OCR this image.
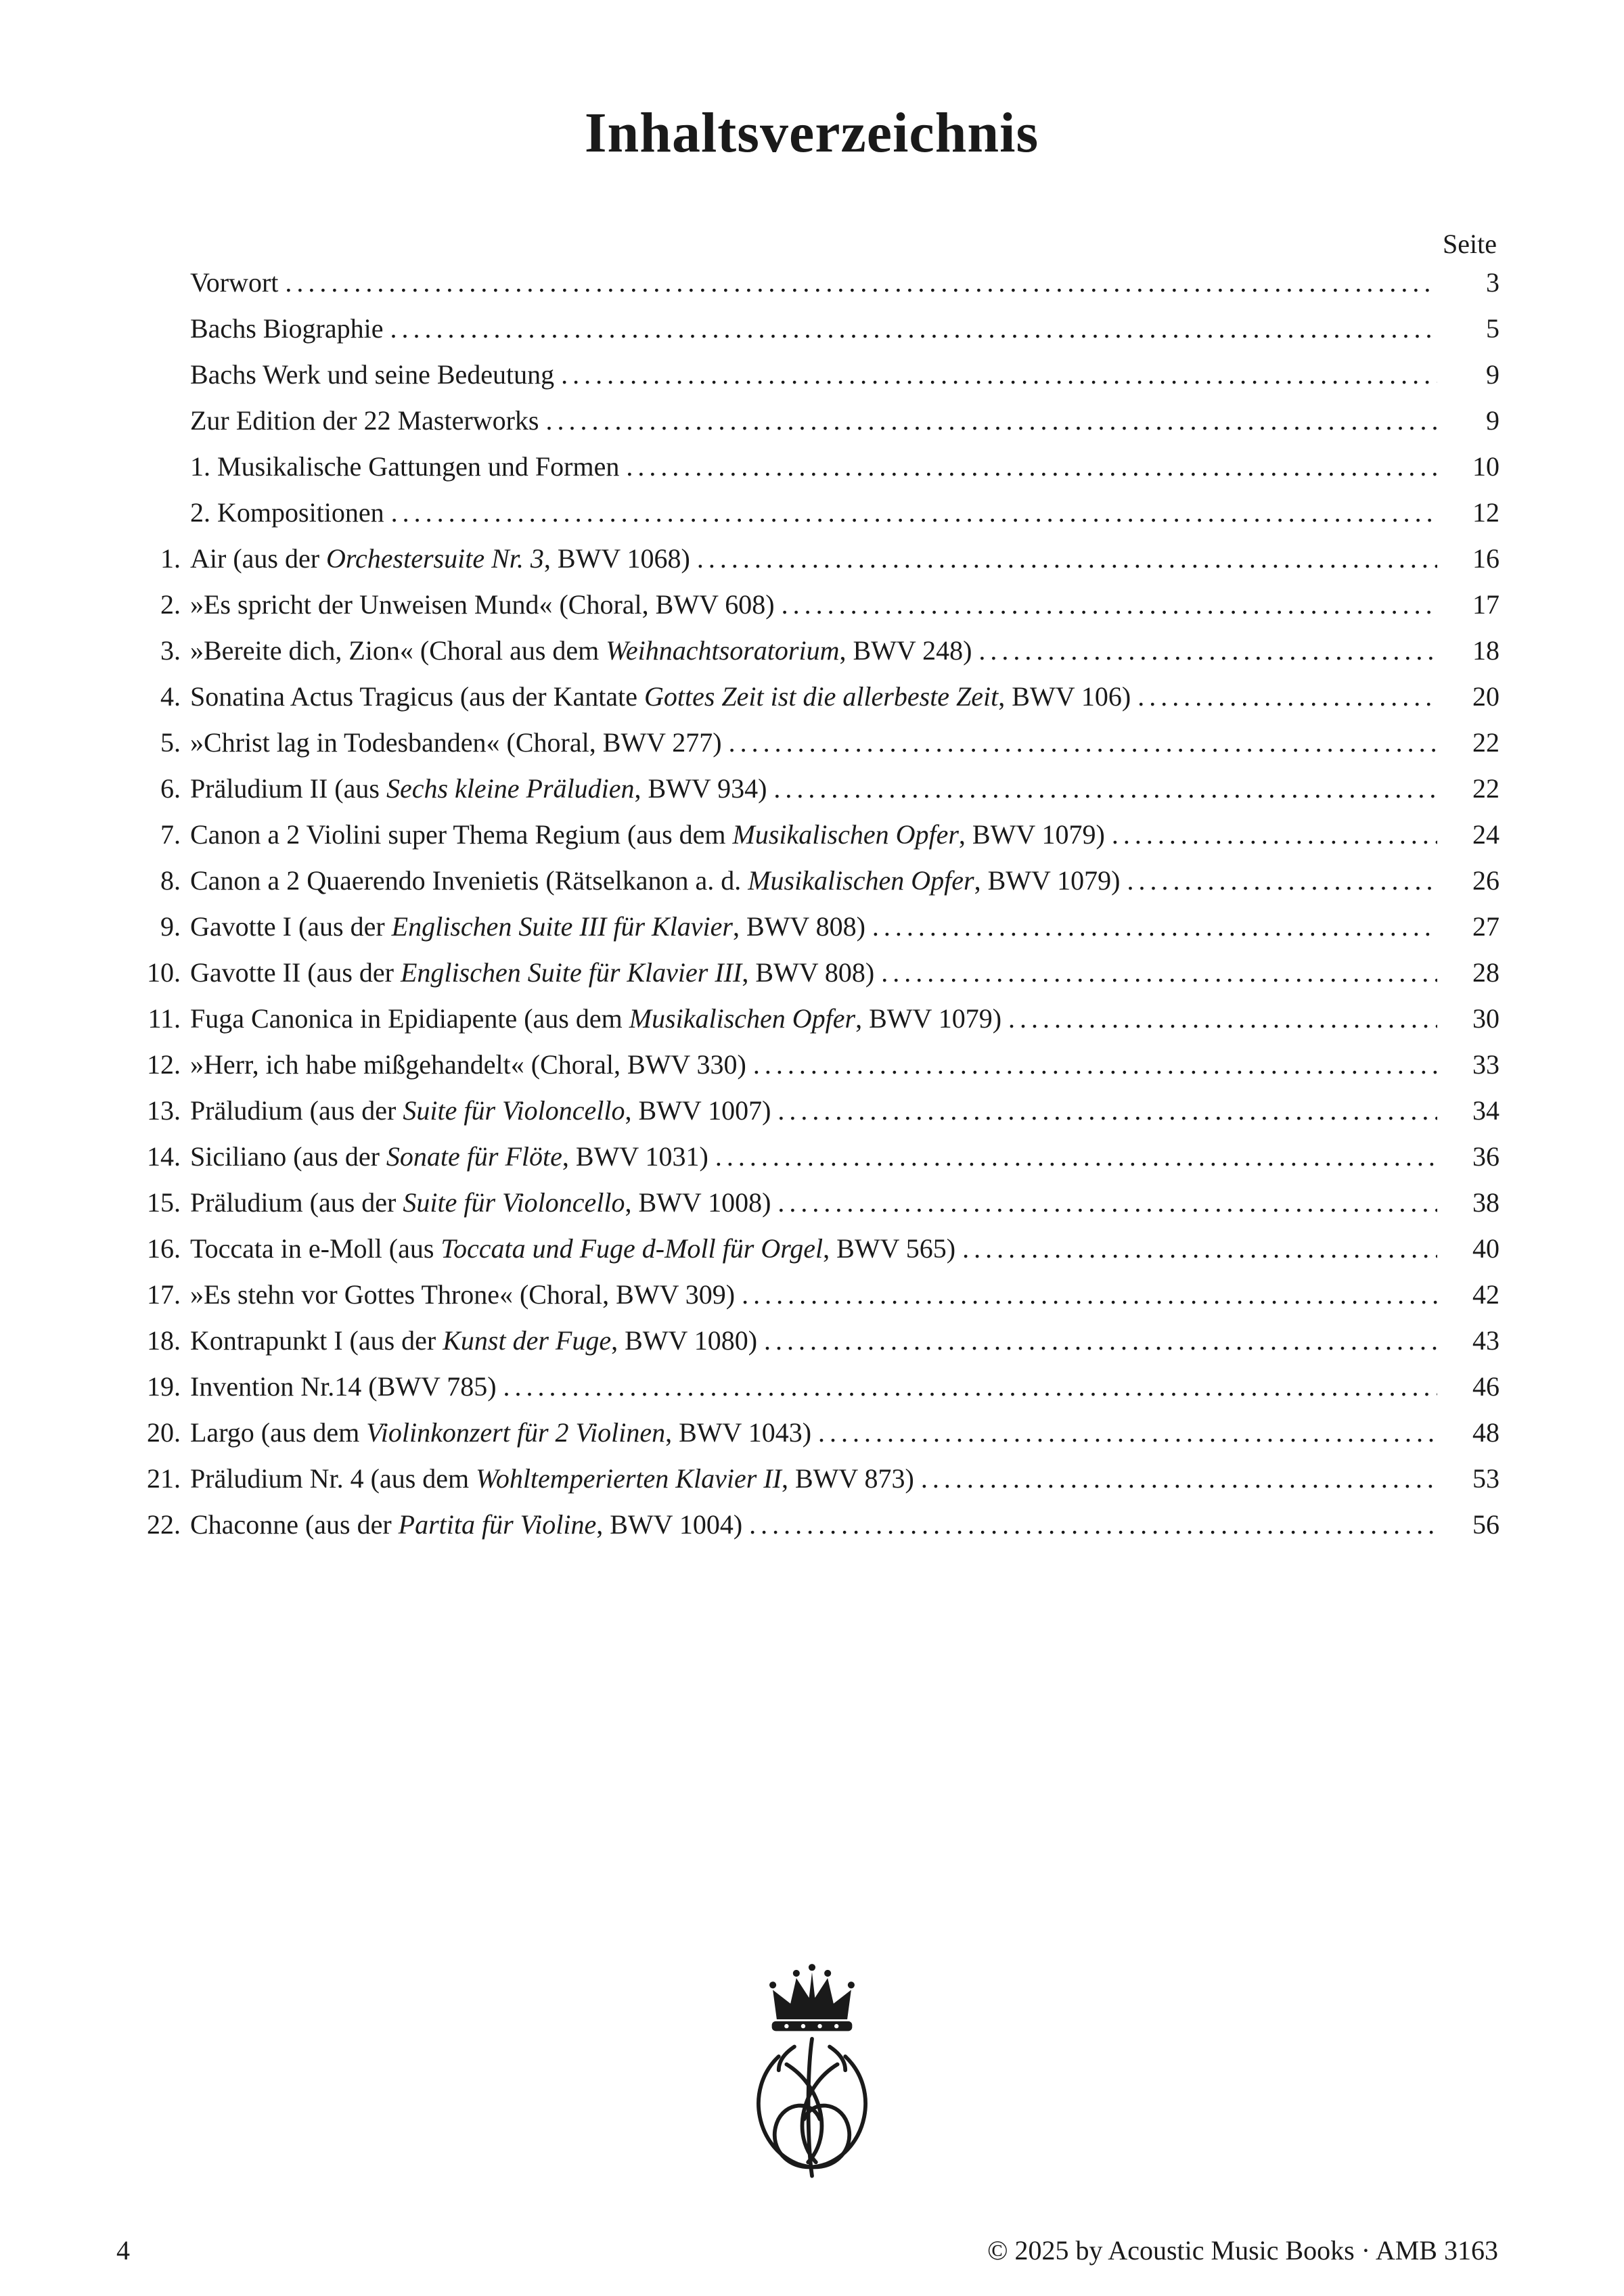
Inhaltsverzeichnis
Seite
Vorwort .....	3
Bachs Biographie .....	5
Bachs Werk und seine Bedeutung .....	9
Zur Edition der 22 Masterworks .....	9
1. Musikalische Gattungen und Formen .....	10
2. Kompositionen .....	12
1. Air (aus der Orchestersuite Nr. 3, BWV 1068) .....	16
2. »Es spricht der Unweisen Mund« (Choral, BWV 608) .....	17
3. »Bereite dich, Zion« (Choral aus dem Weihnachtsoratorium, BWV 248) .....	18
4. Sonatina Actus Tragicus (aus der Kantate Gottes Zeit ist die allerbeste Zeit, BWV 106) .....	20
5. »Christ lag in Todesbanden« (Choral, BWV 277) .....	22
6. Präludium II (aus Sechs kleine Präludien, BWV 934) .....	22
7. Canon a 2 Violini super Thema Regium (aus dem Musikalischen Opfer, BWV 1079) .....	24
8. Canon a 2 Quaerendo Invenietis (Rätselkanon a. d. Musikalischen Opfer, BWV 1079) .....	26
9. Gavotte I (aus der Englischen Suite III für Klavier, BWV 808) .....	27
10. Gavotte II (aus der Englischen Suite für Klavier III, BWV 808) .....	28
11. Fuga Canonica in Epidiapente (aus dem Musikalischen Opfer, BWV 1079) .....	30
12. »Herr, ich habe mißgehandelt« (Choral, BWV 330) .....	33
13. Präludium (aus der Suite für Violoncello, BWV 1007) .....	34
14. Siciliano (aus der Sonate für Flöte, BWV 1031) .....	36
15. Präludium (aus der Suite für Violoncello, BWV 1008) .....	38
16. Toccata in e-Moll (aus Toccata und Fuge d-Moll für Orgel, BWV 565) .....	40
17. »Es stehn vor Gottes Throne« (Choral, BWV 309) .....	42
18. Kontrapunkt I (aus der Kunst der Fuge, BWV 1080) .....	43
19. Invention Nr.14 (BWV 785) .....	46
20. Largo (aus dem Violinkonzert für 2 Violinen, BWV 1043) .....	48
21. Präludium Nr. 4 (aus dem Wohltemperierten Klavier II, BWV 873) .....	53
22. Chaconne (aus der Partita für Violine, BWV 1004) .....	56
4	© 2025 by Acoustic Music Books · AMB 3163
